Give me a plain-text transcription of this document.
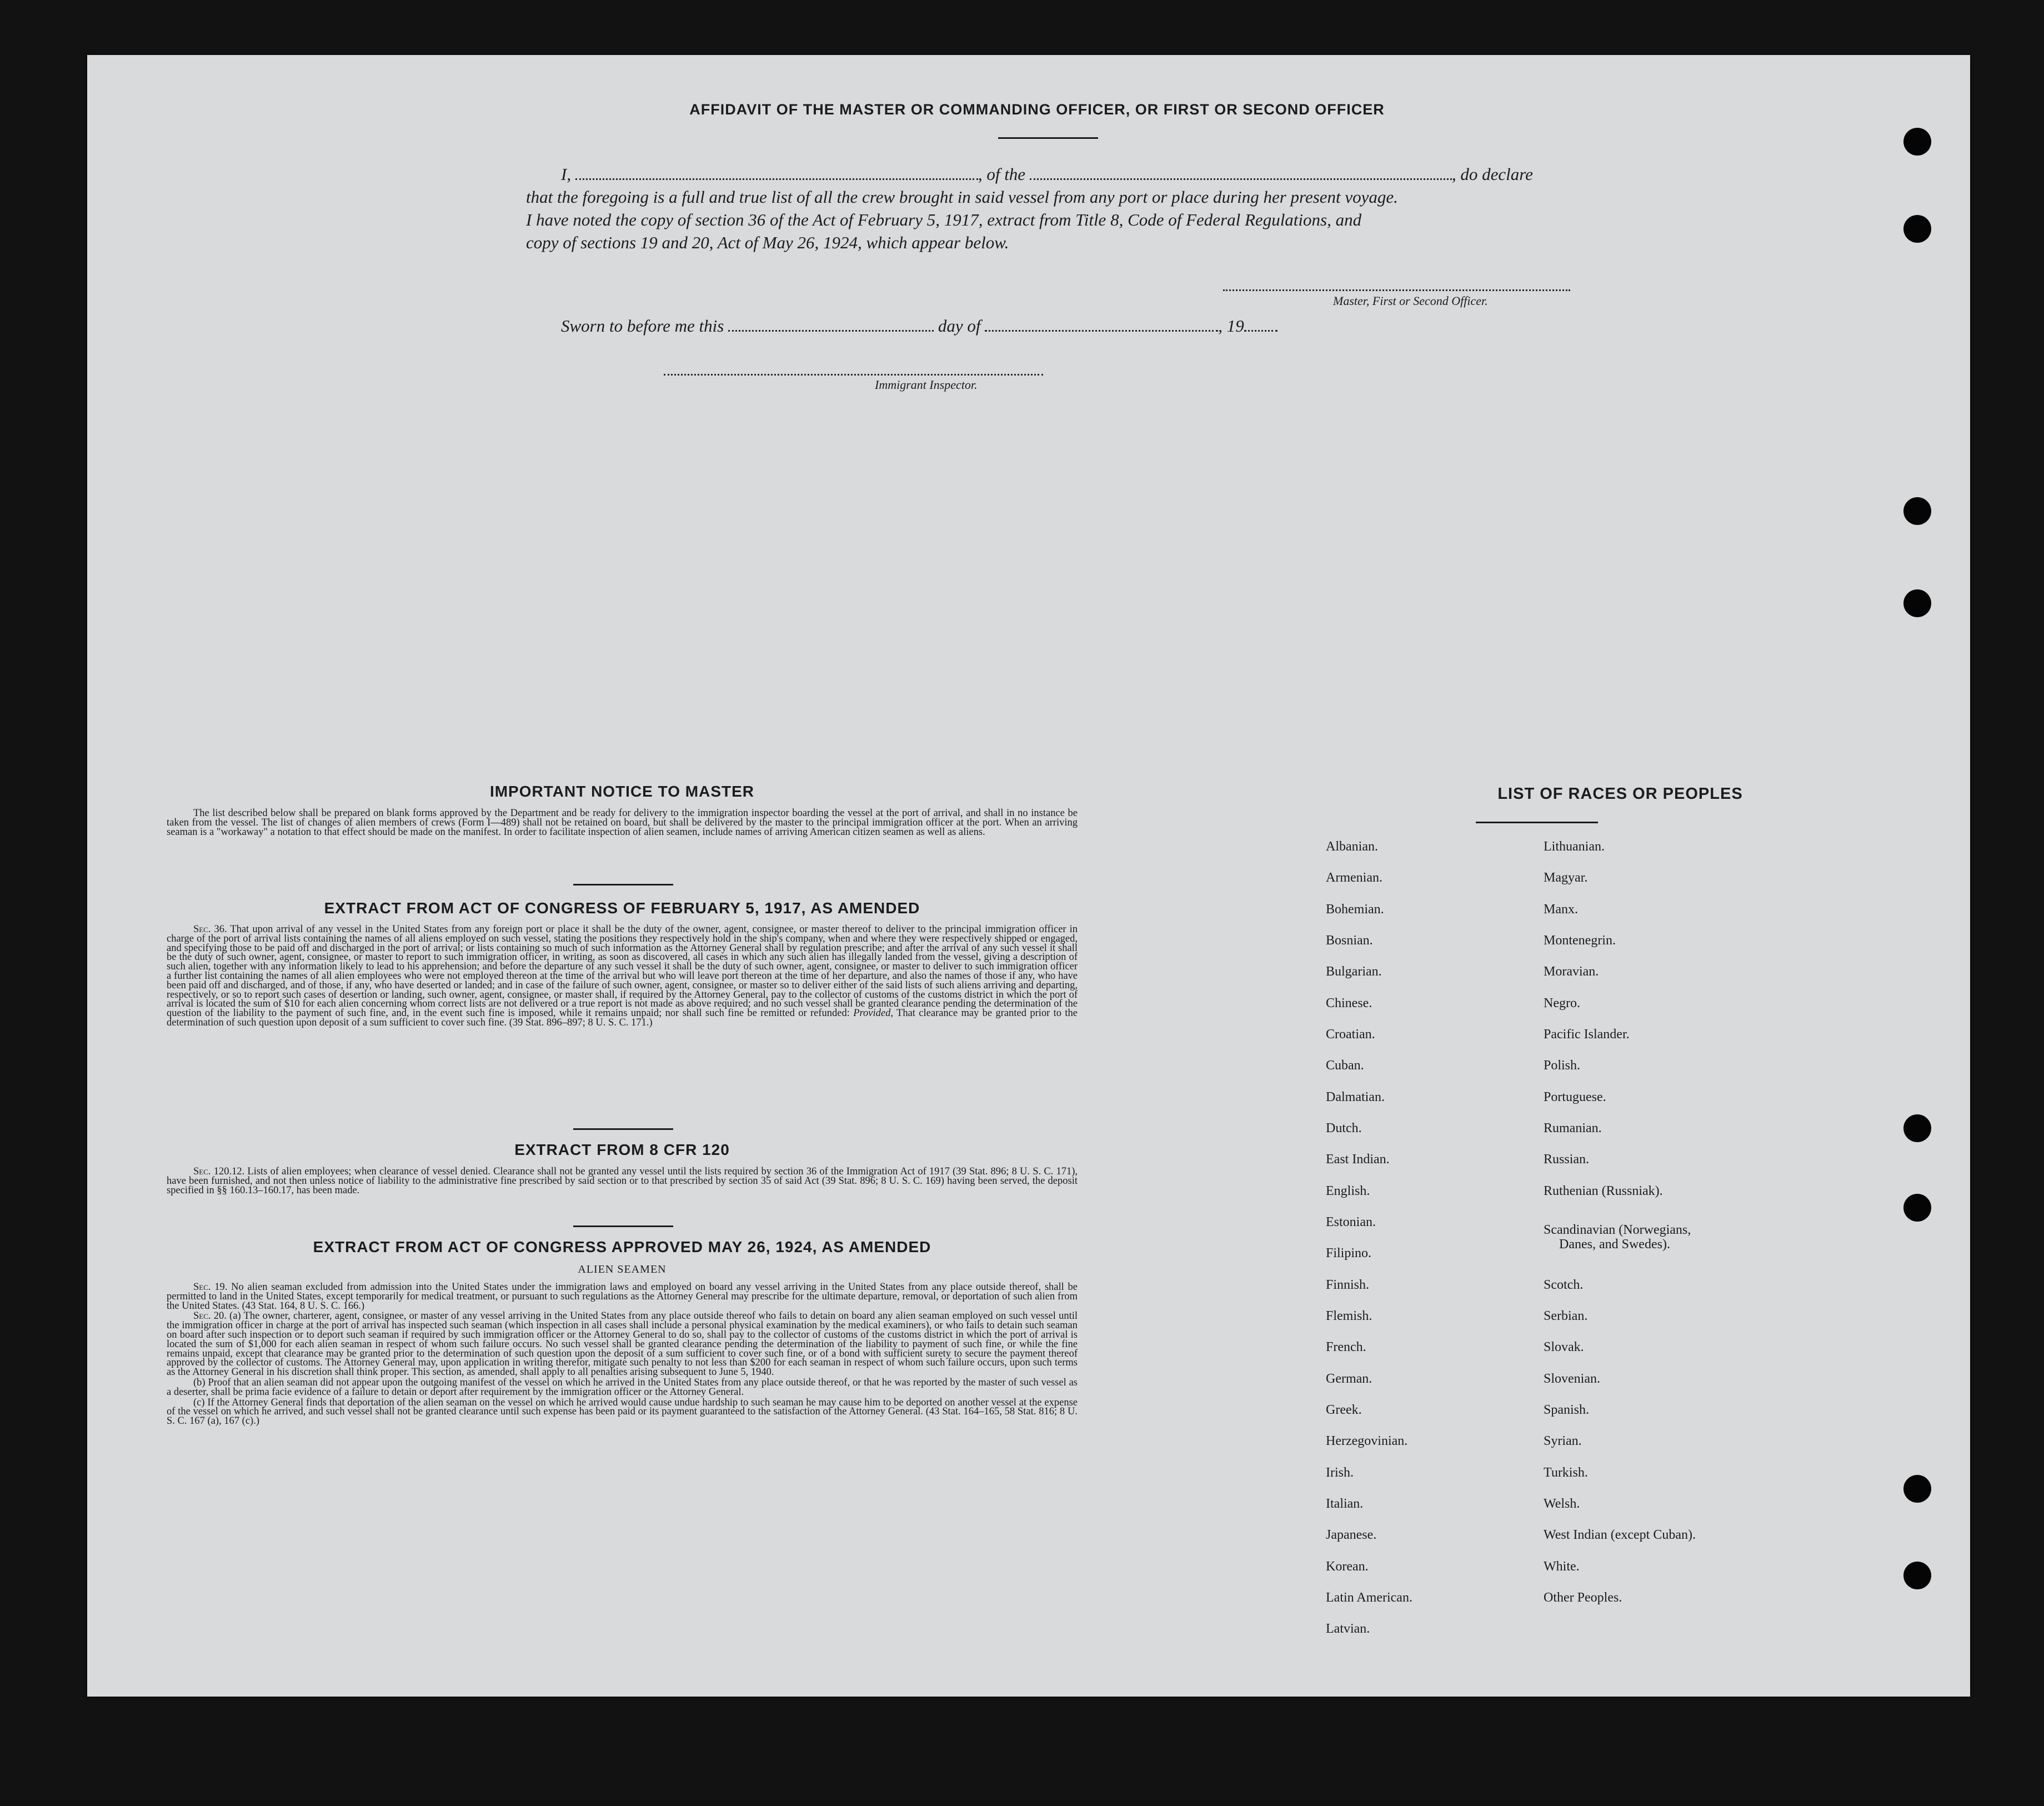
AFFIDAVIT OF THE MASTER OR COMMANDING OFFICER, OR FIRST OR SECOND OFFICER
I,	, of the	, do declare
that the foregoing is a full and true list of all the crew brought in said vessel from any port or place during her present voyage.
I have noted the copy of section 36 of the Act of February 5, 1917, extract from Title 8, Code of Federal Regulations, and
copy of sections 19 and 20, Act of May 26, 1924, which appear below.
Master, First or Second Officer.
Sworn to before me this	day of	, 19
Immigrant Inspector.
IMPORTANT NOTICE TO MASTER

The list described below shall be prepared on blank forms approved by the Department and be ready for delivery to the immigration inspector boarding the vessel at the port of arrival, and shall in no instance be taken from the vessel. The list of changes of alien members of crews (Form I—489) shall not be retained on board, but shall be delivered by the master to the principal immigration officer at the port. When an arriving seaman is a "workaway" a notation to that effect should be made on the manifest. In order to facilitate inspection of alien seamen, include names of arriving American citizen seamen as well as aliens.

EXTRACT FROM ACT OF CONGRESS OF FEBRUARY 5, 1917, AS AMENDED

Sec. 36. That upon arrival of any vessel in the United States from any foreign port or place it shall be the duty of the owner, agent, consignee, or master thereof to deliver to the principal immigration officer in charge of the port of arrival lists containing the names of all aliens employed on such vessel, stating the positions they respectively hold in the ship's company, when and where they were respectively shipped or engaged, and specifying those to be paid off and discharged in the port of arrival; or lists containing so much of such information as the Attorney General shall by regulation prescribe; and after the arrival of any such vessel it shall be the duty of such owner, agent, consignee, or master to report to such immigration officer, in writing, as soon as discovered, all cases in which any such alien has illegally landed from the vessel, giving a description of such alien, together with any information likely to lead to his apprehension; and before the departure of any such vessel it shall be the duty of such owner, agent, consignee, or master to deliver to such immigration officer a further list containing the names of all alien employees who were not employed thereon at the time of the arrival but who will leave port thereon at the time of her departure, and also the names of those if any, who have been paid off and discharged, and of those, if any, who have deserted or landed; and in case of the failure of such owner, agent, consignee, or master so to deliver either of the said lists of such aliens arriving and departing, respectively, or so to report such cases of desertion or landing, such owner, agent, consignee, or master shall, if required by the Attorney General, pay to the collector of customs of the customs district in which the port of arrival is located the sum of $10 for each alien concerning whom correct lists are not delivered or a true report is not made as above required; and no such vessel shall be granted clearance pending the determination of the question of the liability to the payment of such fine, and, in the event such fine is imposed, while it remains unpaid; nor shall such fine be remitted or refunded: Provided, That clearance may be granted prior to the determination of such question upon deposit of a sum sufficient to cover such fine. (39 Stat. 896–897; 8 U. S. C. 171.)

EXTRACT FROM 8 CFR 120

Sec. 120.12. Lists of alien employees; when clearance of vessel denied. Clearance shall not be granted any vessel until the lists required by section 36 of the Immigration Act of 1917 (39 Stat. 896; 8 U. S. C. 171), have been furnished, and not then unless notice of liability to the administrative fine prescribed by said section or to that prescribed by section 35 of said Act (39 Stat. 896; 8 U. S. C. 169) having been served, the deposit specified in §§ 160.13–160.17, has been made.

EXTRACT FROM ACT OF CONGRESS APPROVED MAY 26, 1924, AS AMENDED
ALIEN SEAMEN

Sec. 19. No alien seaman excluded from admission into the United States under the immigration laws and employed on board any vessel arriving in the United States from any place outside thereof, shall be permitted to land in the United States, except temporarily for medical treatment, or pursuant to such regulations as the Attorney General may prescribe for the ultimate departure, removal, or deportation of such alien from the United States. (43 Stat. 164, 8 U. S. C. 166.)

Sec. 20. (a) The owner, charterer, agent, consignee, or master of any vessel arriving in the United States from any place outside thereof who fails to detain on board any alien seaman employed on such vessel until the immigration officer in charge at the port of arrival has inspected such seaman (which inspection in all cases shall include a personal physical examination by the medical examiners), or who fails to detain such seaman on board after such inspection or to deport such seaman if required by such immigration officer or the Attorney General to do so, shall pay to the collector of customs of the customs district in which the port of arrival is located the sum of $1,000 for each alien seaman in respect of whom such failure occurs. No such vessel shall be granted clearance pending the determination of the liability to payment of such fine, or while the fine remains unpaid, except that clearance may be granted prior to the determination of such question upon the deposit of a sum sufficient to cover such fine, or of a bond with sufficient surety to secure the payment thereof approved by the collector of customs. The Attorney General may, upon application in writing therefor, mitigate such penalty to not less than $200 for each seaman in respect of whom such failure occurs, upon such terms as the Attorney General in his discretion shall think proper. This section, as amended, shall apply to all penalties arising subsequent to June 5, 1940.

(b) Proof that an alien seaman did not appear upon the outgoing manifest of the vessel on which he arrived in the United States from any place outside thereof, or that he was reported by the master of such vessel as a deserter, shall be prima facie evidence of a failure to detain or deport after requirement by the immigration officer or the Attorney General.

(c) If the Attorney General finds that deportation of the alien seaman on the vessel on which he arrived would cause undue hardship to such seaman he may cause him to be deported on another vessel at the expense of the vessel on which he arrived, and such vessel shall not be granted clearance until such expense has been paid or its payment guaranteed to the satisfaction of the Attorney General. (43 Stat. 164–165, 58 Stat. 816; 8 U. S. C. 167 (a), 167 (c).)

LIST OF RACES OR PEOPLES
Albanian.
Armenian.
Bohemian.
Bosnian.
Bulgarian.
Chinese.
Croatian.
Cuban.
Dalmatian.
Dutch.
East Indian.
English.
Estonian.
Filipino.
Finnish.
Flemish.
French.
German.
Greek.
Herzegovinian.
Irish.
Italian.
Japanese.
Korean.
Latin American.
Latvian.
Lithuanian.
Magyar.
Manx.
Montenegrin.
Moravian.
Negro.
Pacific Islander.
Polish.
Portuguese.
Rumanian.
Russian.
Ruthenian (Russniak).
Scandinavian (Norwegians,
Danes, and Swedes).
Scotch.
Serbian.
Slovak.
Slovenian.
Spanish.
Syrian.
Turkish.
Welsh.
West Indian (except Cuban).
White.
Other Peoples.
